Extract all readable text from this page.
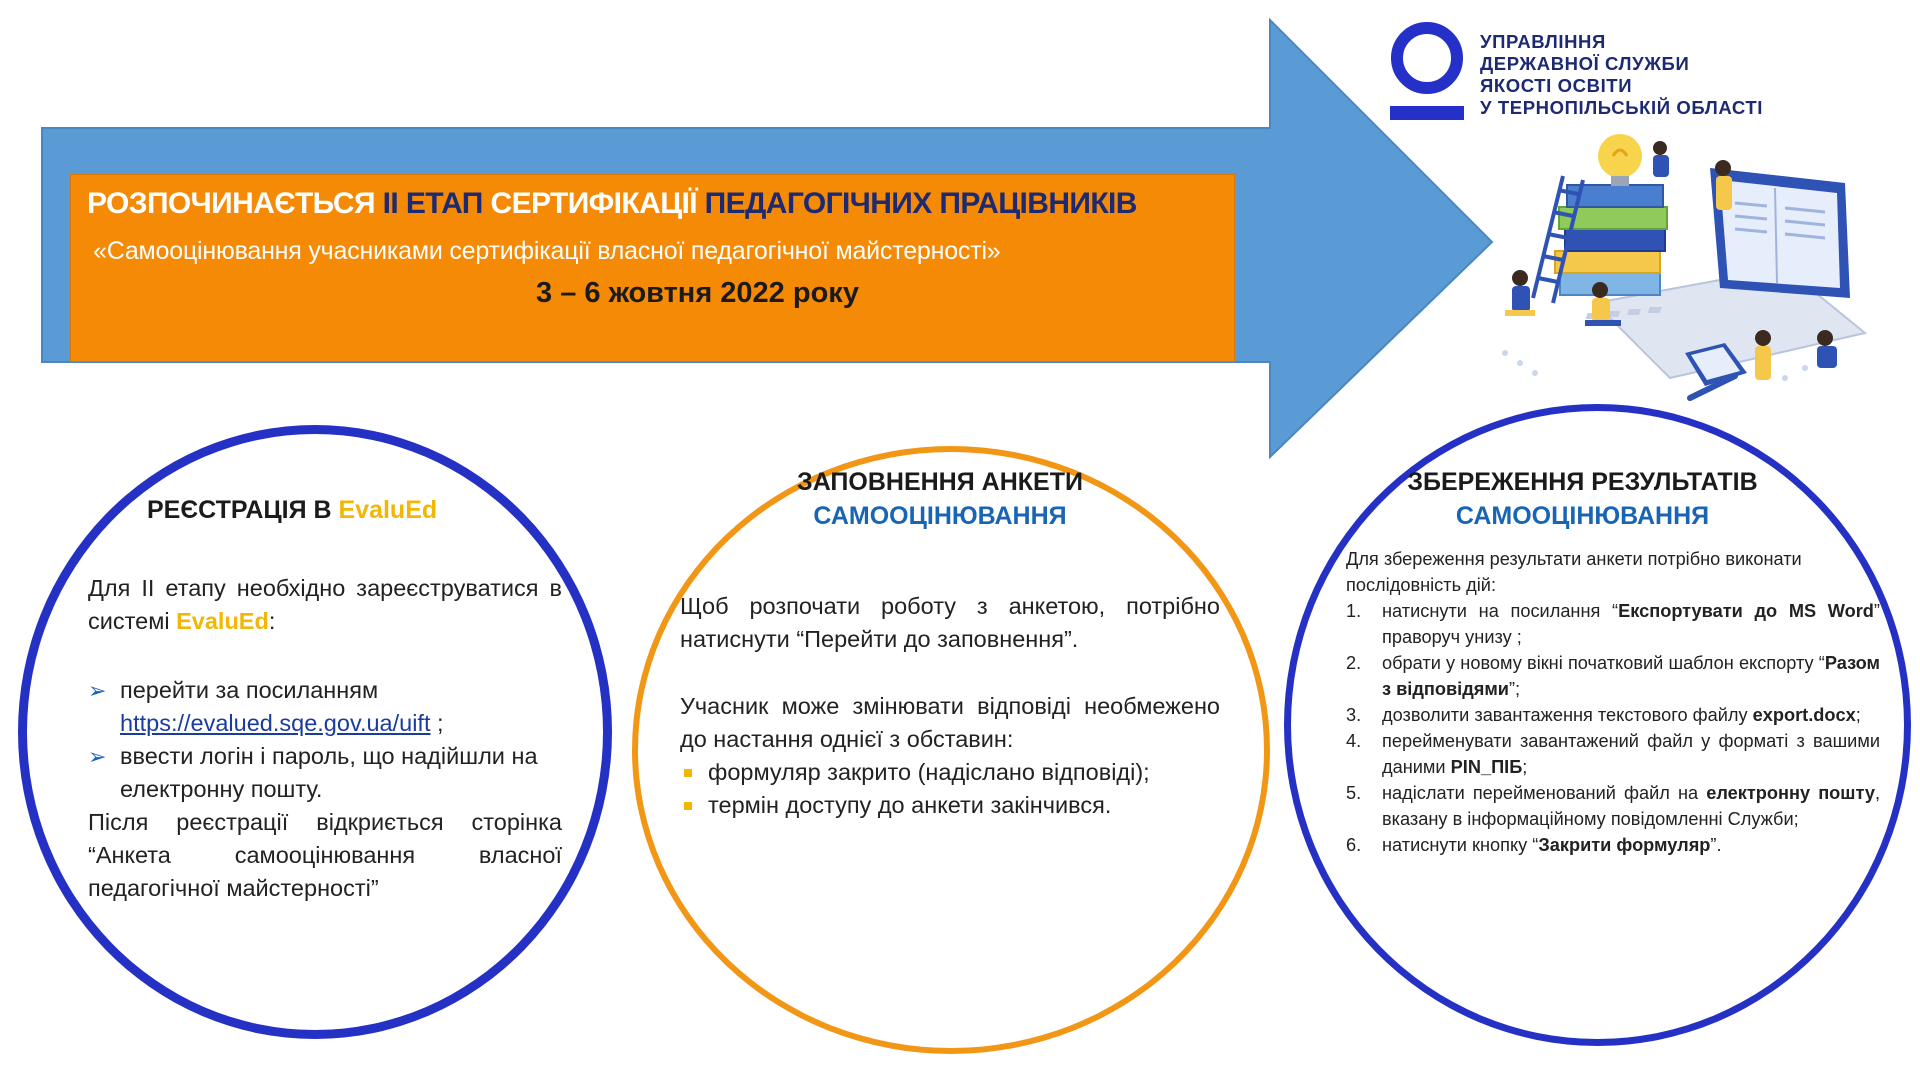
РОЗПОЧИНАЄТЬСЯ ІІ ЕТАП СЕРТИФІКАЦІЇ ПЕДАГОГІЧНИХ ПРАЦІВНИКІВ
«Самооцінювання учасниками сертифікації власної педагогічної майстерності»
3 – 6 жовтня 2022 року
УПРАВЛІННЯ
ДЕРЖАВНОЇ СЛУЖБИ
ЯКОСТІ ОСВІТИ
У ТЕРНОПІЛЬСЬКІЙ ОБЛАСТІ
РЕЄСТРАЦІЯ В EvaluEd
Для ІІ етапу необхідно зареєструватися в системі EvaluEd:
➢ перейти за посиланням
https://evalued.sqe.gov.ua/uift ;
➢ ввести логін і пароль, що надійшли на електронну пошту.
Після реєстрації відкриється сторінка “Анкета самооцінювання власної педагогічної майстерності”
ЗАПОВНЕННЯ АНКЕТИ
САМООЦІНЮВАННЯ
Щоб розпочати роботу з анкетою, потрібно натиснути “Перейти до заповнення”.
Учасник може змінювати відповіді необмежено до настання однієї з обставин:
формуляр закрито (надіслано відповіді);
термін доступу до анкети закінчився.
ЗБЕРЕЖЕННЯ РЕЗУЛЬТАТІВ
САМООЦІНЮВАННЯ
Для збереження результати анкети потрібно виконати послідовність дій:
1. натиснути на посилання “Експортувати до MS Word” праворуч унизу ;
2. обрати у новому вікні початковий шаблон експорту “Разом з відповідями”;
3. дозволити завантаження текстового файлу export.docx;
4. перейменувати завантажений файл у форматі з вашими даними PIN_ПІБ;
5. надіслати перейменований файл на електронну пошту, вказану в інформаційному повідомленні Служби;
6. натиснути кнопку “Закрити формуляр”.
